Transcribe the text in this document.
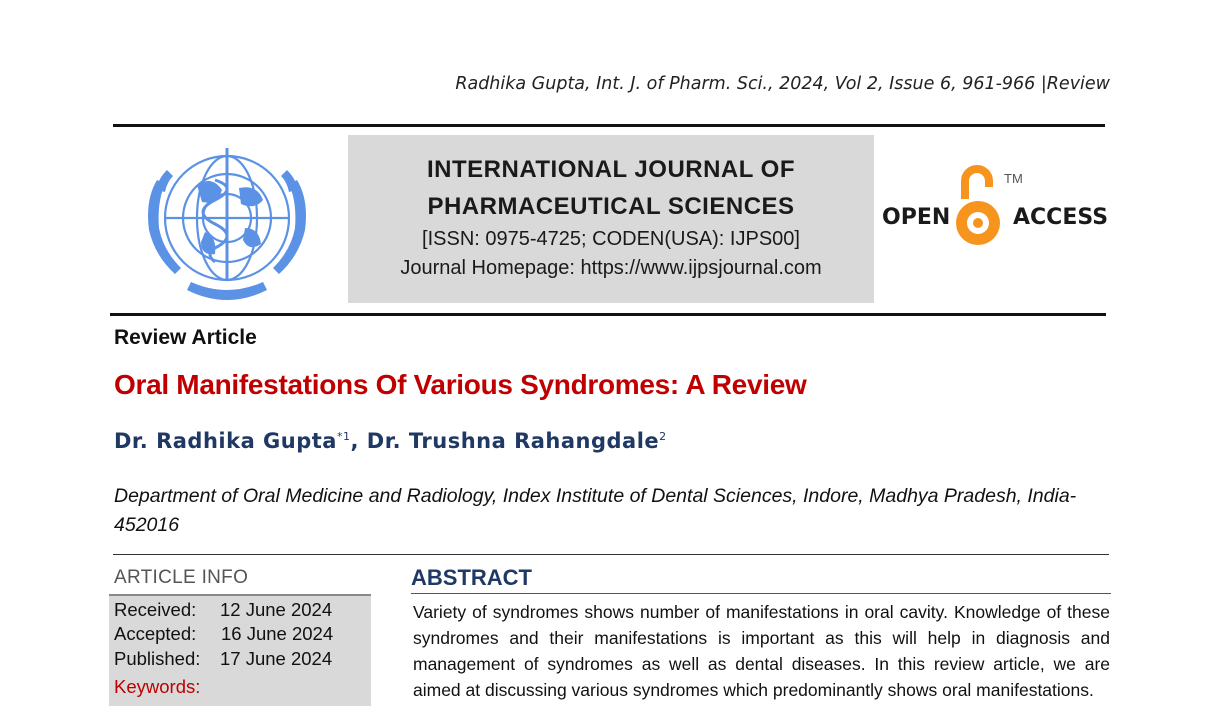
Radhika Gupta, Int. J. of Pharm. Sci., 2024, Vol 2, Issue 6, 961-966 |Review
INTERNATIONAL JOURNAL OF
PHARMACEUTICAL SCIENCES
[ISSN: 0975-4725; CODEN(USA): IJPS00]
Journal Homepage: https://www.ijpsjournal.com
OPEN	ACCESS
TM
Review Article
Oral Manifestations Of Various Syndromes: A Review
Dr. Radhika Gupta$^{*1}$, Dr. Trushna Rahangdale$^2$
Department of Oral Medicine and Radiology, Index Institute of Dental Sciences, Indore, Madhya Pradesh, India-452016
ARTICLE INFO
Received: 12 June 2024
Accepted: 16 June 2024
Published: 17 June 2024
Keywords:
ABSTRACT
Variety of syndromes shows number of manifestations in oral cavity. Knowledge of these syndromes and their manifestations is important as this will help in diagnosis and management of syndromes as well as dental diseases. In this review article, we are aimed at discussing various syndromes which predominantly shows oral manifestations.
